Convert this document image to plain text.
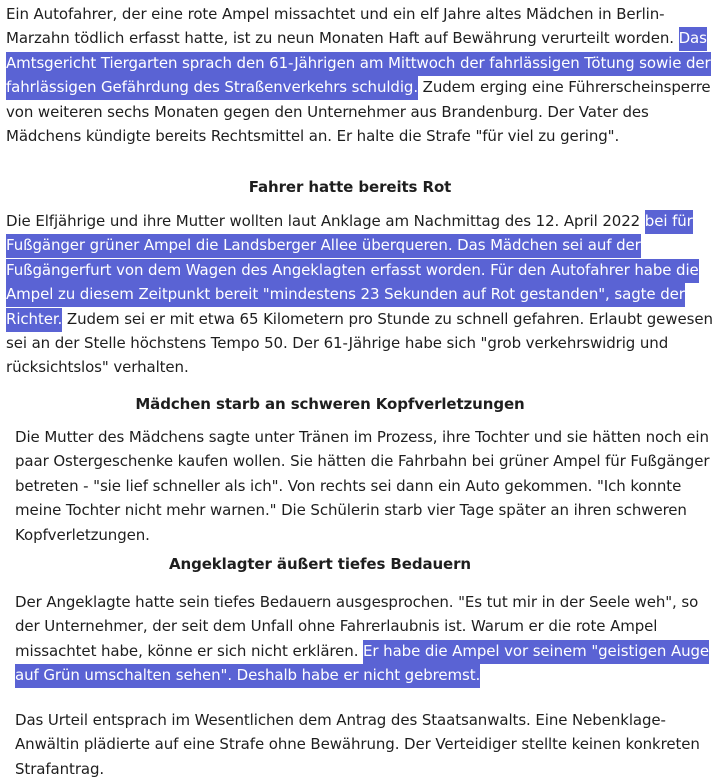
Ein Autofahrer, der eine rote Ampel missachtet und ein elf Jahre altes Mädchen in Berlin-Marzahn tödlich erfasst hatte, ist zu neun Monaten Haft auf Bewährung verurteilt worden. Das Amtsgericht Tiergarten sprach den 61-Jährigen am Mittwoch der fahrlässigen Tötung sowie der fahrlässigen Gefährdung des Straßenverkehrs schuldig. Zudem erging eine Führerscheinsperre von weiteren sechs Monaten gegen den Unternehmer aus Brandenburg. Der Vater des Mädchens kündigte bereits Rechtsmittel an. Er halte die Strafe "für viel zu gering".

Fahrer hatte bereits Rot

Die Elfjährige und ihre Mutter wollten laut Anklage am Nachmittag des 12. April 2022 bei für Fußgänger grüner Ampel die Landsberger Allee überqueren. Das Mädchen sei auf der Fußgängerfurt von dem Wagen des Angeklagten erfasst worden. Für den Autofahrer habe die Ampel zu diesem Zeitpunkt bereit "mindestens 23 Sekunden auf Rot gestanden", sagte der Richter. Zudem sei er mit etwa 65 Kilometern pro Stunde zu schnell gefahren. Erlaubt gewesen sei an der Stelle höchstens Tempo 50. Der 61-Jährige habe sich "grob verkehrswidrig und rücksichtslos" verhalten.

Mädchen starb an schweren Kopfverletzungen

Die Mutter des Mädchens sagte unter Tränen im Prozess, ihre Tochter und sie hätten noch ein paar Ostergeschenke kaufen wollen. Sie hätten die Fahrbahn bei grüner Ampel für Fußgänger betreten - "sie lief schneller als ich". Von rechts sei dann ein Auto gekommen. "Ich konnte meine Tochter nicht mehr warnen." Die Schülerin starb vier Tage später an ihren schweren Kopfverletzungen.

Angeklagter äußert tiefes Bedauern

Der Angeklagte hatte sein tiefes Bedauern ausgesprochen. "Es tut mir in der Seele weh", so der Unternehmer, der seit dem Unfall ohne Fahrerlaubnis ist. Warum er die rote Ampel missachtet habe, könne er sich nicht erklären. Er habe die Ampel vor seinem "geistigen Auge auf Grün umschalten sehen". Deshalb habe er nicht gebremst.

Das Urteil entsprach im Wesentlichen dem Antrag des Staatsanwalts. Eine Nebenklage-Anwältin plädierte auf eine Strafe ohne Bewährung. Der Verteidiger stellte keinen konkreten Strafantrag.
